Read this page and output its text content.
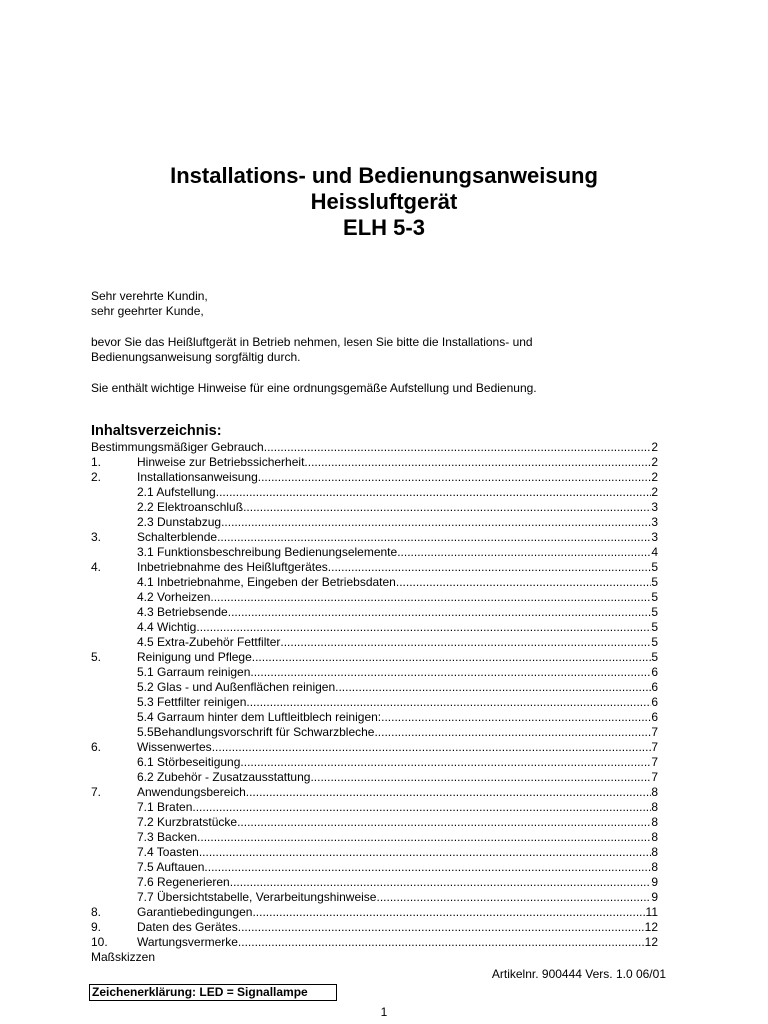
Installations- und Bedienungsanweisung
Heissluftgerät
ELH 5-3

Sehr verehrte Kundin,

sehr geehrter Kunde,

bevor Sie das Heißluftgerät in Betrieb nehmen, lesen Sie bitte die Installations- und

Bedienungsanweisung sorgfältig durch.

Sie enthält wichtige Hinweise für eine ordnungsgemäße Aufstellung und Bedienung.

Inhaltsverzeichnis:
Bestimmungsmäßiger Gebrauch .....	2
1.	Hinweise zur Betriebssicherheit .....	2
2.	Installationsanweisung .....	2
2.1 Aufstellung .....	2
2.2 Elektroanschluß .....	3
2.3 Dunstabzug .....	3
3.	Schalterblende .....	3
3.1 Funktionsbeschreibung Bedienungselemente .....	4
4.	Inbetriebnahme des Heißluftgerätes .....	5
4.1 Inbetriebnahme, Eingeben der Betriebsdaten .....	5
4.2 Vorheizen .....	5
4.3 Betriebsende .....	5
4.4 Wichtig .....	5
4.5 Extra-Zubehör Fettfilter .....	5
5.	Reinigung und Pflege .....	5
5.1 Garraum reinigen .....	6
5.2 Glas - und Außenflächen reinigen .....	6
5.3 Fettfilter reinigen .....	6
5.4 Garraum hinter dem Luftleitblech reinigen: .....	6
5.5Behandlungsvorschrift für Schwarzbleche .....	7
6.	Wissenwertes .....	7
6.1 Störbeseitigung .....	7
6.2 Zubehör - Zusatzausstattung .....	7
7.	Anwendungsbereich .....	8
7.1 Braten .....	8
7.2 Kurzbratstücke .....	8
7.3 Backen .....	8
7.4 Toasten .....	8
7.5 Auftauen .....	8
7.6 Regenerieren .....	9
7.7 Übersichtstabelle, Verarbeitungshinweise .....	9
8.	Garantiebedingungen .....	11
9.	Daten des Gerätes .....	12
10.	Wartungsvermerke .....	12
Maßskizzen
Artikelnr. 900444 Vers. 1.0 06/01
Zeichenerklärung: LED = Signallampe
1
